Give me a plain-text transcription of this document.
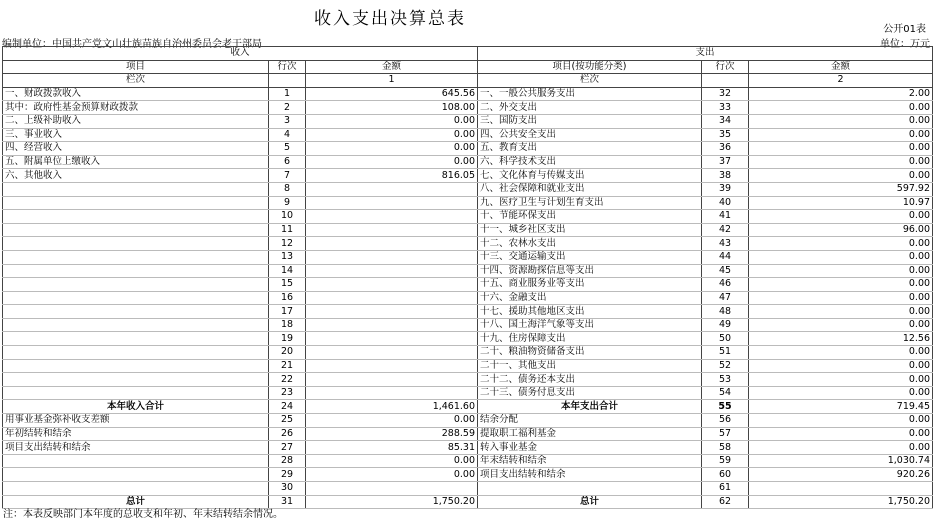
收入支出决算总表
公开01表
编制单位：中国共产党文山壮族苗族自治州委员会老干部局	单位：万元
收入			支出		
项目	行次	金额	项目(按功能分类)	行次	金额
栏次		1	栏次		2
一、财政拨款收入	1	645.56	一、一般公共服务支出	32	2.00
其中：政府性基金预算财政拨款	2	108.00	二、外交支出	33	0.00
二、上级补助收入	3	0.00	三、国防支出	34	0.00
三、事业收入	4	0.00	四、公共安全支出	35	0.00
四、经营收入	5	0.00	五、教育支出	36	0.00
五、附属单位上缴收入	6	0.00	六、科学技术支出	37	0.00
六、其他收入	7	816.05	七、文化体育与传媒支出	38	0.00
	8		八、社会保障和就业支出	39	597.92
	9		九、医疗卫生与计划生育支出	40	10.97
	10		十、节能环保支出	41	0.00
	11		十一、城乡社区支出	42	96.00
	12		十二、农林水支出	43	0.00
	13		十三、交通运输支出	44	0.00
	14		十四、资源勘探信息等支出	45	0.00
	15		十五、商业服务业等支出	46	0.00
	16		十六、金融支出	47	0.00
	17		十七、援助其他地区支出	48	0.00
	18		十八、国土海洋气象等支出	49	0.00
	19		十九、住房保障支出	50	12.56
	20		二十、粮油物资储备支出	51	0.00
	21		二十一、其他支出	52	0.00
	22		二十二、债务还本支出	53	0.00
	23		二十三、债务付息支出	54	0.00
本年收入合计	24	1,461.60	本年支出合计	55	719.45
用事业基金弥补收支差额	25	0.00	结余分配	56	0.00
年初结转和结余	26	288.59	提取职工福利基金	57	0.00
项目支出结转和结余	27	85.31	转入事业基金	58	0.00
	28	0.00	年末结转和结余	59	1,030.74
	29	0.00	项目支出结转和结余	60	920.26
	30			61	
总计	31	1,750.20	总计	62	1,750.20
注：本表反映部门本年度的总收支和年初、年末结转结余情况。
